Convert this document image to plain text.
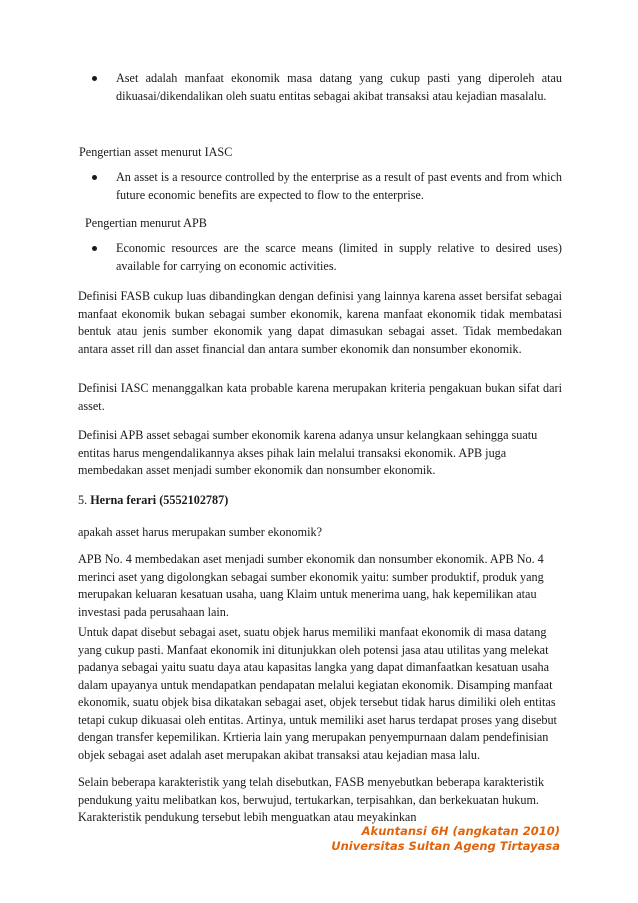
Aset adalah manfaat ekonomik masa datang yang cukup pasti yang diperoleh atau dikuasai/dikendalikan oleh suatu entitas sebagai akibat transaksi atau kejadian masalalu.

Pengertian asset menurut IASC

An asset is a resource controlled by the enterprise as a result of past events and from which future economic benefits are expected to flow to the enterprise.

Pengertian menurut APB

Economic resources are the scarce means (limited in supply relative to desired uses) available for carrying on economic activities.

Definisi FASB cukup luas dibandingkan dengan definisi yang lainnya karena asset bersifat sebagai manfaat ekonomik bukan sebagai sumber ekonomik, karena manfaat ekonomik tidak membatasi bentuk atau jenis sumber ekonomik yang dapat dimasukan sebagai asset. Tidak membedakan antara asset rill dan asset financial dan antara sumber ekonomik dan nonsumber ekonomik.

Definisi IASC menanggalkan kata probable karena merupakan kriteria pengakuan bukan sifat dari asset.

Definisi APB asset sebagai sumber ekonomik karena adanya unsur kelangkaan sehingga suatu entitas harus mengendalikannya akses pihak lain melalui transaksi ekonomik. APB juga membedakan asset menjadi sumber ekonomik dan nonsumber ekonomik.

5. Herna ferari (5552102787)

apakah asset harus merupakan sumber ekonomik?

APB No. 4 membedakan aset menjadi sumber ekonomik dan nonsumber ekonomik. APB No. 4 merinci aset yang digolongkan sebagai sumber ekonomik yaitu: sumber produktif, produk yang merupakan keluaran kesatuan usaha, uang Klaim untuk menerima uang, hak kepemilikan atau investasi pada perusahaan lain.

Untuk dapat disebut sebagai aset, suatu objek harus memiliki manfaat ekonomik di masa datang yang cukup pasti. Manfaat ekonomik ini ditunjukkan oleh potensi jasa atau utilitas yang melekat padanya sebagai yaitu suatu daya atau kapasitas langka yang dapat dimanfaatkan kesatuan usaha dalam upayanya untuk mendapatkan pendapatan melalui kegiatan ekonomik. Disamping manfaat ekonomik, suatu objek bisa dikatakan sebagai aset, objek tersebut tidak harus dimiliki oleh entitas tetapi cukup dikuasai oleh entitas. Artinya, untuk memiliki aset harus terdapat proses yang disebut dengan transfer kepemilikan. Krtieria lain yang merupakan penyempurnaan dalam pendefinisian objek sebagai aset adalah aset merupakan akibat transaksi atau kejadian masa lalu.

Selain beberapa karakteristik yang telah disebutkan, FASB menyebutkan beberapa karakteristik pendukung yaitu melibatkan kos, berwujud, tertukarkan, terpisahkan, dan berkekuatan hukum. Karakteristik pendukung tersebut lebih menguatkan atau meyakinkan

Akuntansi 6H (angkatan 2010)
Universitas Sultan Ageng Tirtayasa
